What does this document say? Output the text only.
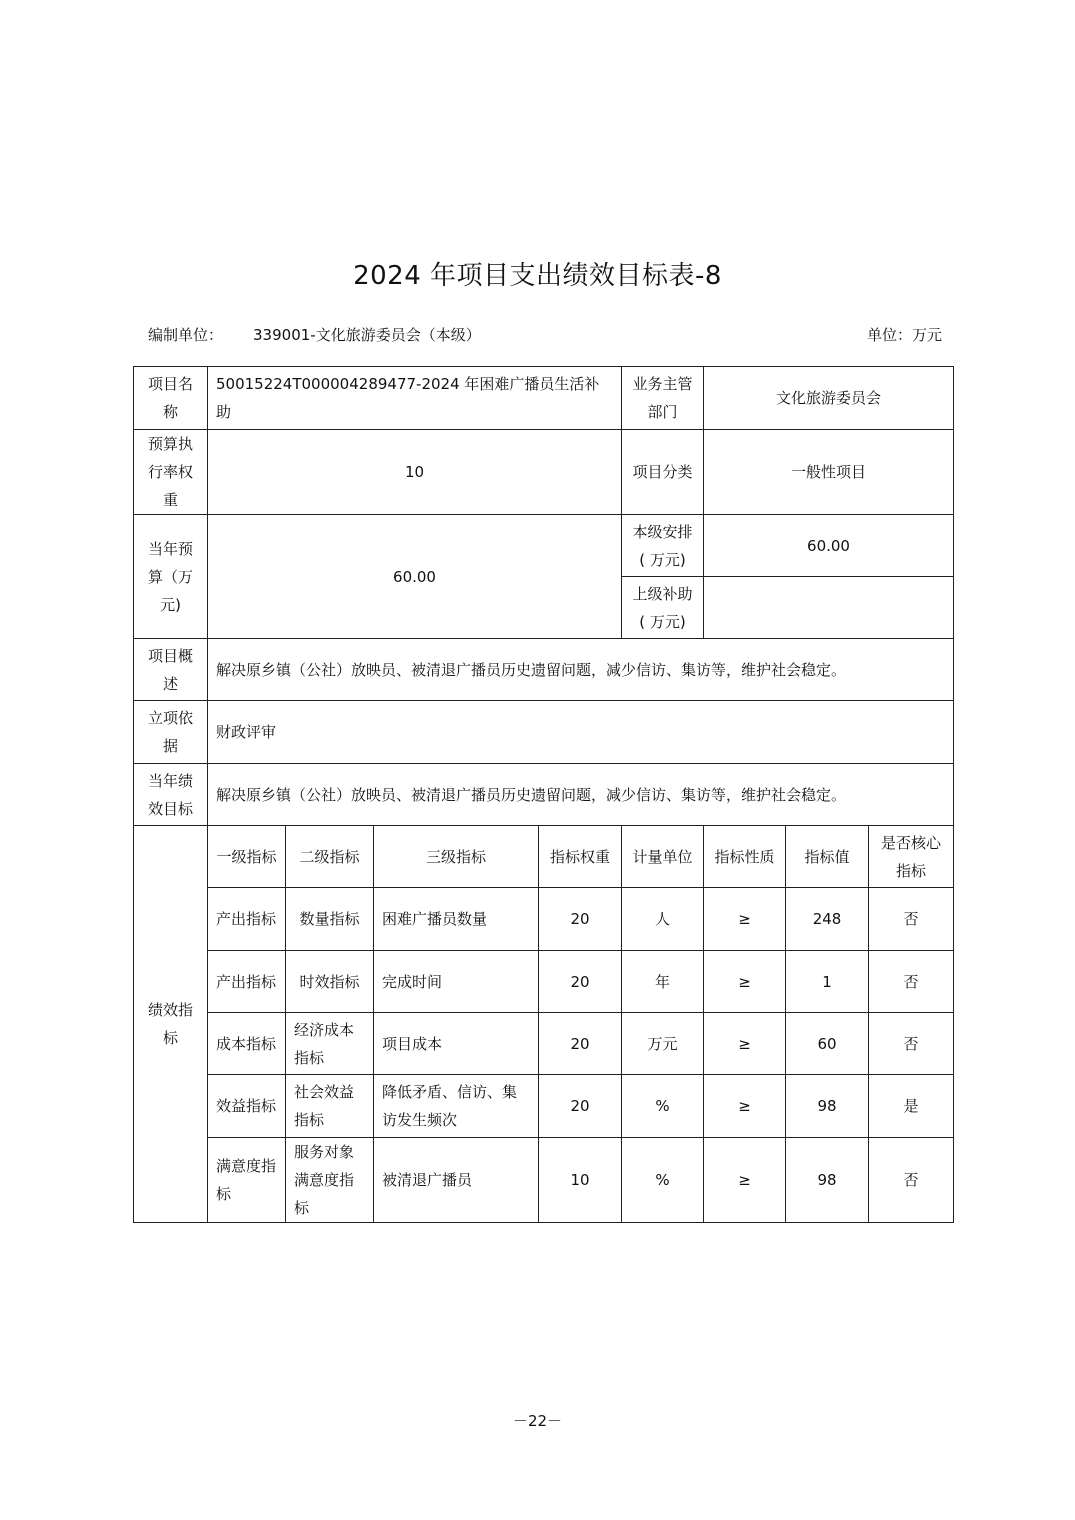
2024 年项目支出绩效目标表-8
编制单位： 339001-文化旅游委员会（本级）	单位：万元
项目名称	50015224T000004289477-2024 年困难广播员生活补助				业务主管部门	文化旅游委员会		
预算执行率权重	10				项目分类	一般性项目		
当年预算（万元)	60.00				本级安排( 万元)	60.00		
					上级补助( 万元)			
项目概述	解决原乡镇（公社）放映员、被清退广播员历史遗留问题，减少信访、集访等，维护社会稳定。							
立项依据	财政评审							
当年绩效目标	解决原乡镇（公社）放映员、被清退广播员历史遗留问题，减少信访、集访等，维护社会稳定。							
绩效指标	一级指标	二级指标	三级指标	指标权重	计量单位	指标性质	指标值	是否核心指标
	产出指标	数量指标	困难广播员数量	20	人	≥	248	否
	产出指标	时效指标	完成时间	20	年	≥	1	否
	成本指标	经济成本指标	项目成本	20	万元	≥	60	否
	效益指标	社会效益指标	降低矛盾、信访、集访发生频次	20	%	≥	98	是
	满意度指标	服务对象满意度指标	被清退广播员	10	%	≥	98	否
－22－
